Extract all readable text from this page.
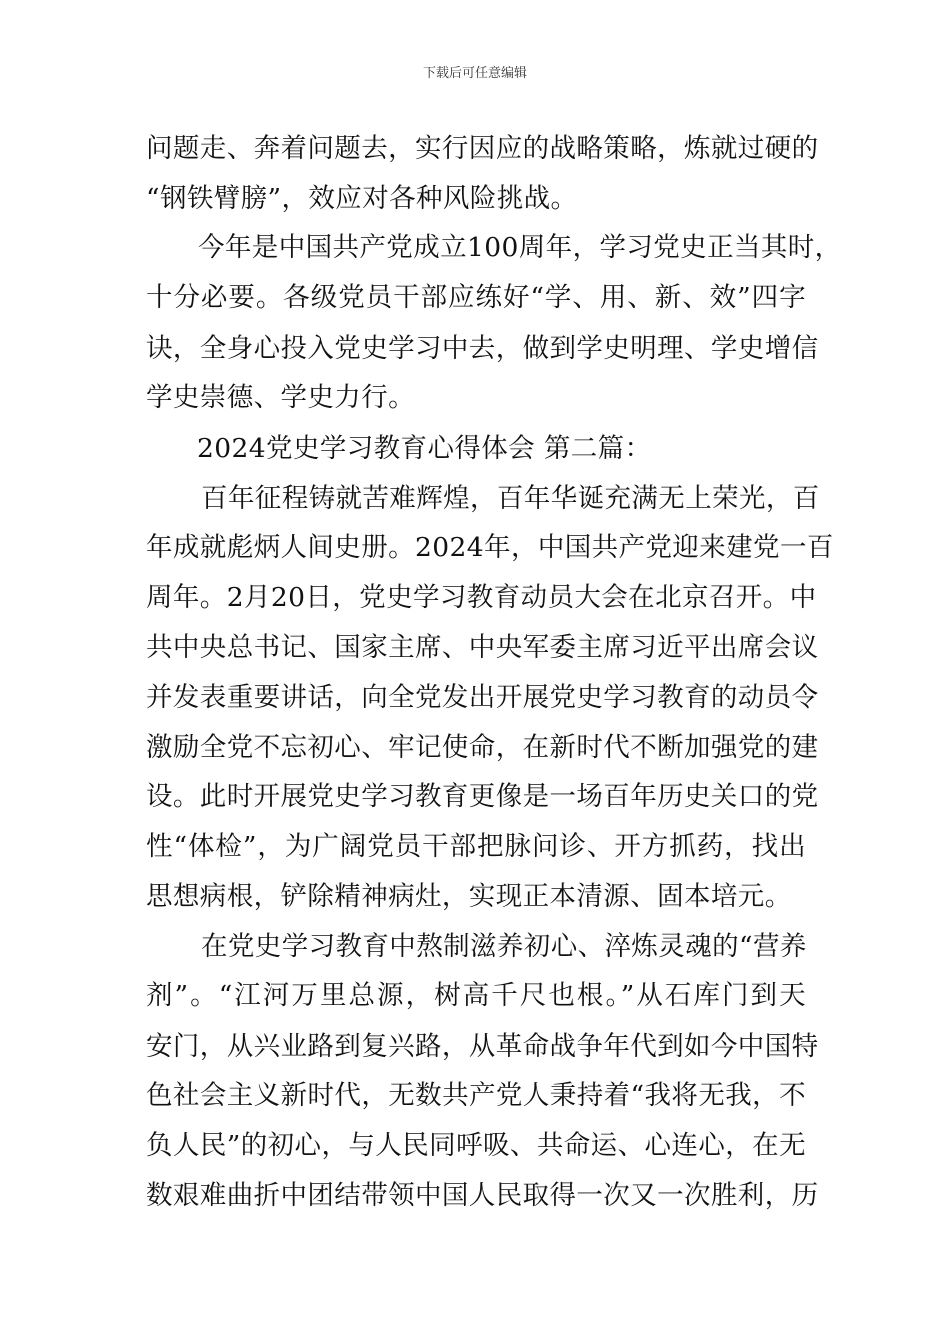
下载后可任意编辑
问题走、奔着问题去，实行因应的战略策略，炼就过硬的
“钢铁臂膀”，效应对各种风险挑战。
今年是中国共产党成立100周年，学习党史正当其时，
十分必要。各级党员干部应练好“学、用、新、效”四字
诀，全身心投入党史学习中去，做到学史明理、学史增信
学史崇德、学史力行。
2024党史学习教育心得体会 第二篇：
百年征程铸就苦难辉煌，百年华诞充满无上荣光，百
年成就彪炳人间史册。2024年，中国共产党迎来建党一百
周年。2月20日，党史学习教育动员大会在北京召开。中
共中央总书记、国家主席、中央军委主席习近平出席会议
并发表重要讲话，向全党发出开展党史学习教育的动员令
激励全党不忘初心、牢记使命，在新时代不断加强党的建
设。此时开展党史学习教育更像是一场百年历史关口的党
性“体检”，为广阔党员干部把脉问诊、开方抓药，找出
思想病根，铲除精神病灶，实现正本清源、固本培元。
在党史学习教育中熬制滋养初心、淬炼灵魂的“营养
剂”。“江河万里总源，树高千尺也根。”从石库门到天
安门，从兴业路到复兴路，从革命战争年代到如今中国特
色社会主义新时代，无数共产党人秉持着“我将无我，不
负人民”的初心，与人民同呼吸、共命运、心连心，在无
数艰难曲折中团结带领中国人民取得一次又一次胜利，历
